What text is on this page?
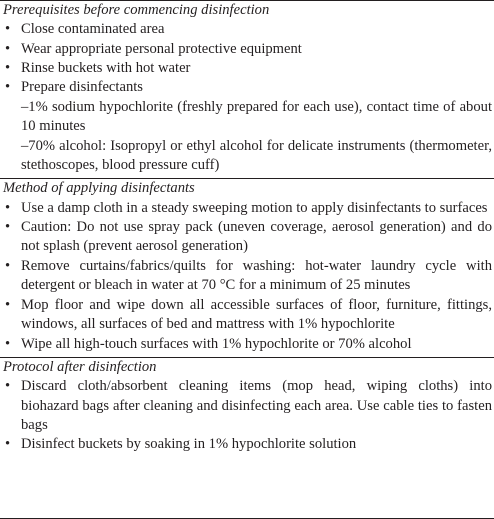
Prerequisites before commencing disinfection
• Close contaminated area
• Wear appropriate personal protective equipment
• Rinse buckets with hot water
• Prepare disinfectants
–1% sodium hypochlorite (freshly prepared for each use), contact time of about 10 minutes
–70% alcohol: Isopropyl or ethyl alcohol for delicate instruments (thermometer, stethoscopes, blood pressure cuff)
Method of applying disinfectants
• Use a damp cloth in a steady sweeping motion to apply disinfectants to surfaces
• Caution: Do not use spray pack (uneven coverage, aerosol generation) and do not splash (prevent aerosol generation)
• Remove curtains/fabrics/quilts for washing: hot-water laundry cycle with detergent or bleach in water at 70 °C for a minimum of 25 minutes
• Mop floor and wipe down all accessible surfaces of floor, furniture, fittings, windows, all surfaces of bed and mattress with 1% hypochlorite
• Wipe all high-touch surfaces with 1% hypochlorite or 70% alcohol
Protocol after disinfection
• Discard cloth/absorbent cleaning items (mop head, wiping cloths) into biohazard bags after cleaning and disinfecting each area. Use cable ties to fasten bags
• Disinfect buckets by soaking in 1% hypochlorite solution
